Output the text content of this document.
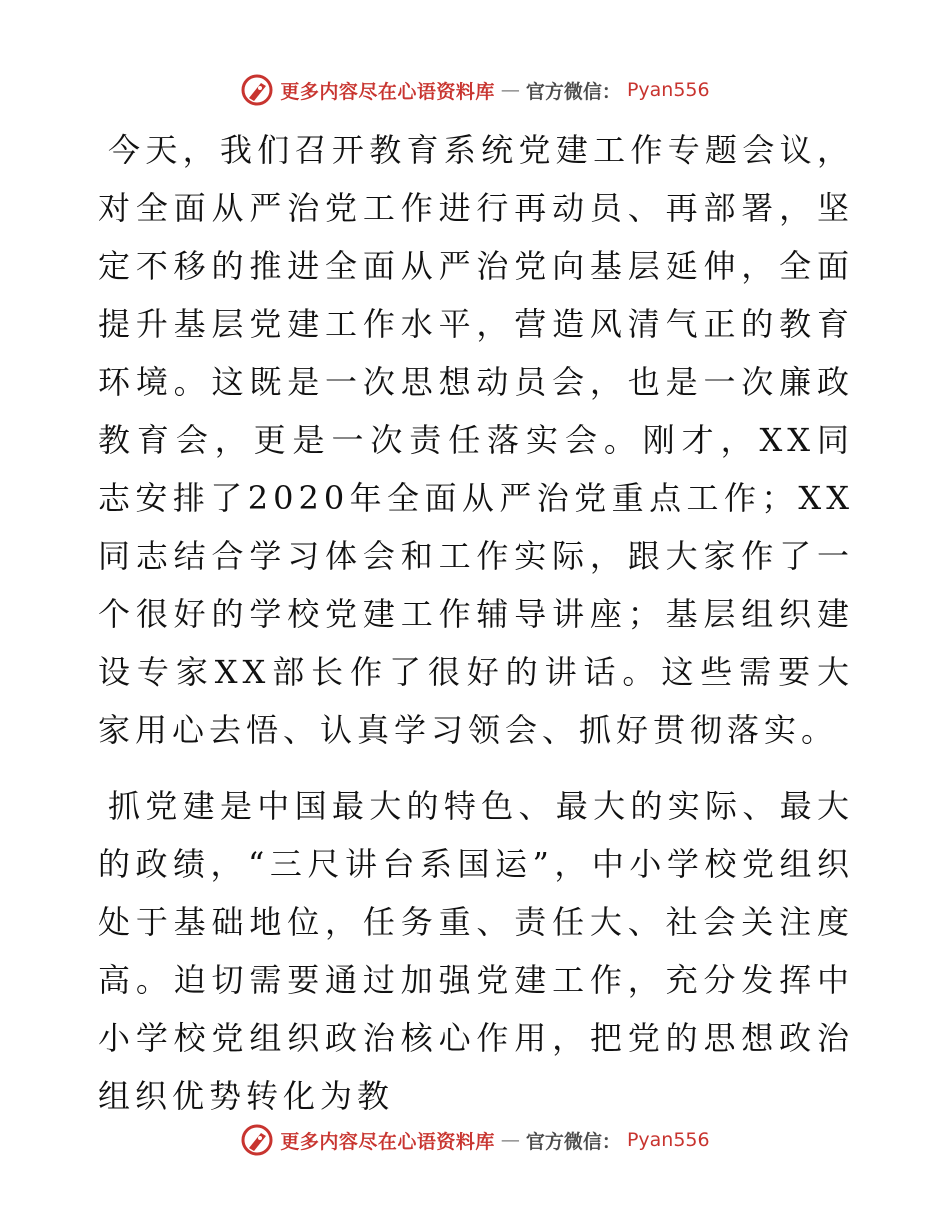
更多内容尽在心语资料库 — 官方微信： Pyan556

今天，我们召开教育系统党建工作专题会议，对全面从严治党工作进行再动员、再部署，坚定不移的推进全面从严治党向基层延伸，全面提升基层党建工作水平，营造风清气正的教育环境。这既是一次思想动员会，也是一次廉政教育会，更是一次责任落实会。刚才，XX同志安排了2020年全面从严治党重点工作；XX同志结合学习体会和工作实际，跟大家作了一个很好的学校党建工作辅导讲座；基层组织建设专家XX部长作了很好的讲话。这些需要大家用心去悟、认真学习领会、抓好贯彻落实。

抓党建是中国最大的特色、最大的实际、最大的政绩，“三尺讲台系国运”，中小学校党组织处于基础地位，任务重、责任大、社会关注度高。迫切需要通过加强党建工作，充分发挥中小学校党组织政治核心作用，把党的思想政治组织优势转化为教

更多内容尽在心语资料库 — 官方微信： Pyan556
